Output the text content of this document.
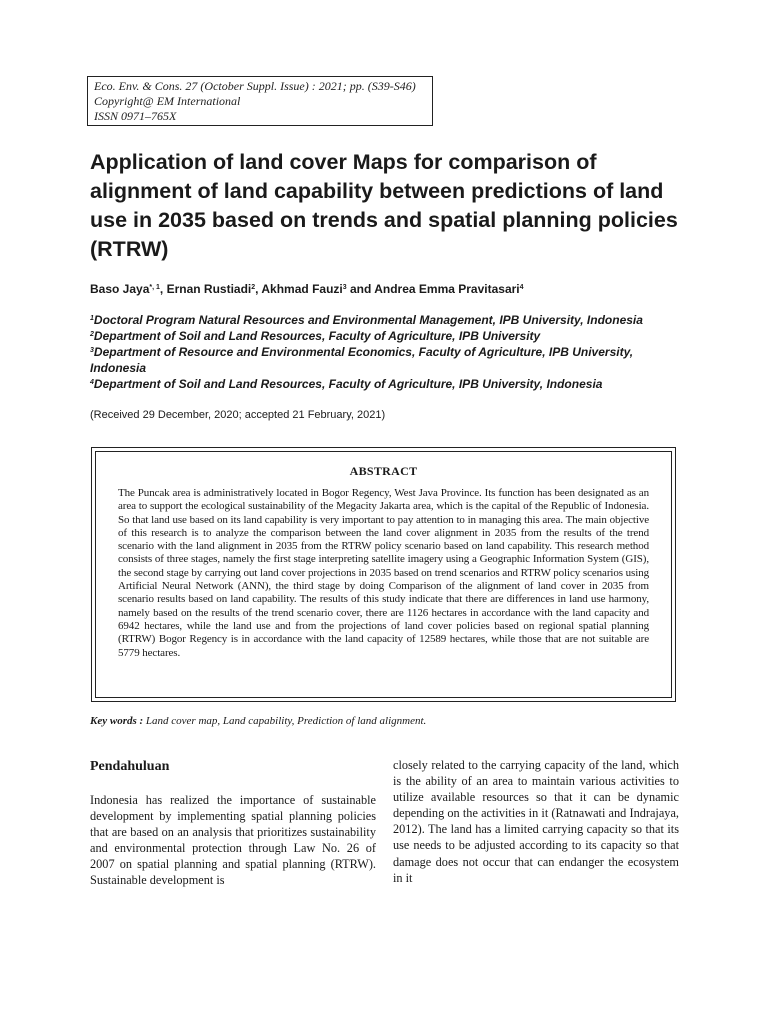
Eco. Env. & Cons. 27 (October Suppl. Issue) : 2021; pp. (S39-S46)
Copyright@ EM International
ISSN 0971–765X
Application of land cover Maps for comparison of alignment of land capability between predictions of land use in 2035 based on trends and spatial planning policies (RTRW)
Baso Jaya$^{*, 1}$, Ernan Rustiadi$^2$, Akhmad Fauzi$^3$ and Andrea Emma Pravitasari$^4$
$^1$Doctoral Program Natural Resources and Environmental Management, IPB University, Indonesia
$^2$Department of Soil and Land Resources, Faculty of Agriculture, IPB University
$^3$Department of Resource and Environmental Economics, Faculty of Agriculture, IPB University, Indonesia
$^4$Department of Soil and Land Resources, Faculty of Agriculture, IPB University, Indonesia
(Received 29 December, 2020; accepted 21 February, 2021)
ABSTRACT

The Puncak area is administratively located in Bogor Regency, West Java Province. Its function has been designated as an area to support the ecological sustainability of the Megacity Jakarta area, which is the capital of the Republic of Indonesia. So that land use based on its land capability is very important to pay attention to in managing this area. The main objective of this research is to analyze the comparison between the land cover alignment in 2035 from the results of the trend scenario with the land alignment in 2035 from the RTRW policy scenario based on land capability. This research method consists of three stages, namely the first stage interpreting satellite imagery using a Geographic Information System (GIS), the second stage by carrying out land cover projections in 2035 based on trend scenarios and RTRW policy scenarios using Artificial Neural Network (ANN), the third stage by doing Comparison of the alignment of land cover in 2035 from scenario results based on land capability. The results of this study indicate that there are differences in land use harmony, namely based on the results of the trend scenario cover, there are 1126 hectares in accordance with the land capacity and 6942 hectares, while the land use and from the projections of land cover policies based on regional spatial planning (RTRW) Bogor Regency is in accordance with the land capacity of 12589 hectares, while those that are not suitable are 5779 hectares.

Key words : Land cover map, Land capability, Prediction of land alignment.
Pendahuluan

Indonesia has realized the importance of sustainable development by implementing spatial planning policies that are based on an analysis that prioritizes sustainability and environmental protection through Law No. 26 of 2007 on spatial planning and spatial planning (RTRW). Sustainable development is

closely related to the carrying capacity of the land, which is the ability of an area to maintain various activities to utilize available resources so that it can be dynamic depending on the activities in it (Ratnawati and Indrajaya, 2012). The land has a limited carrying capacity so that its use needs to be adjusted according to its capacity so that damage does not occur that can endanger the ecosystem in it
